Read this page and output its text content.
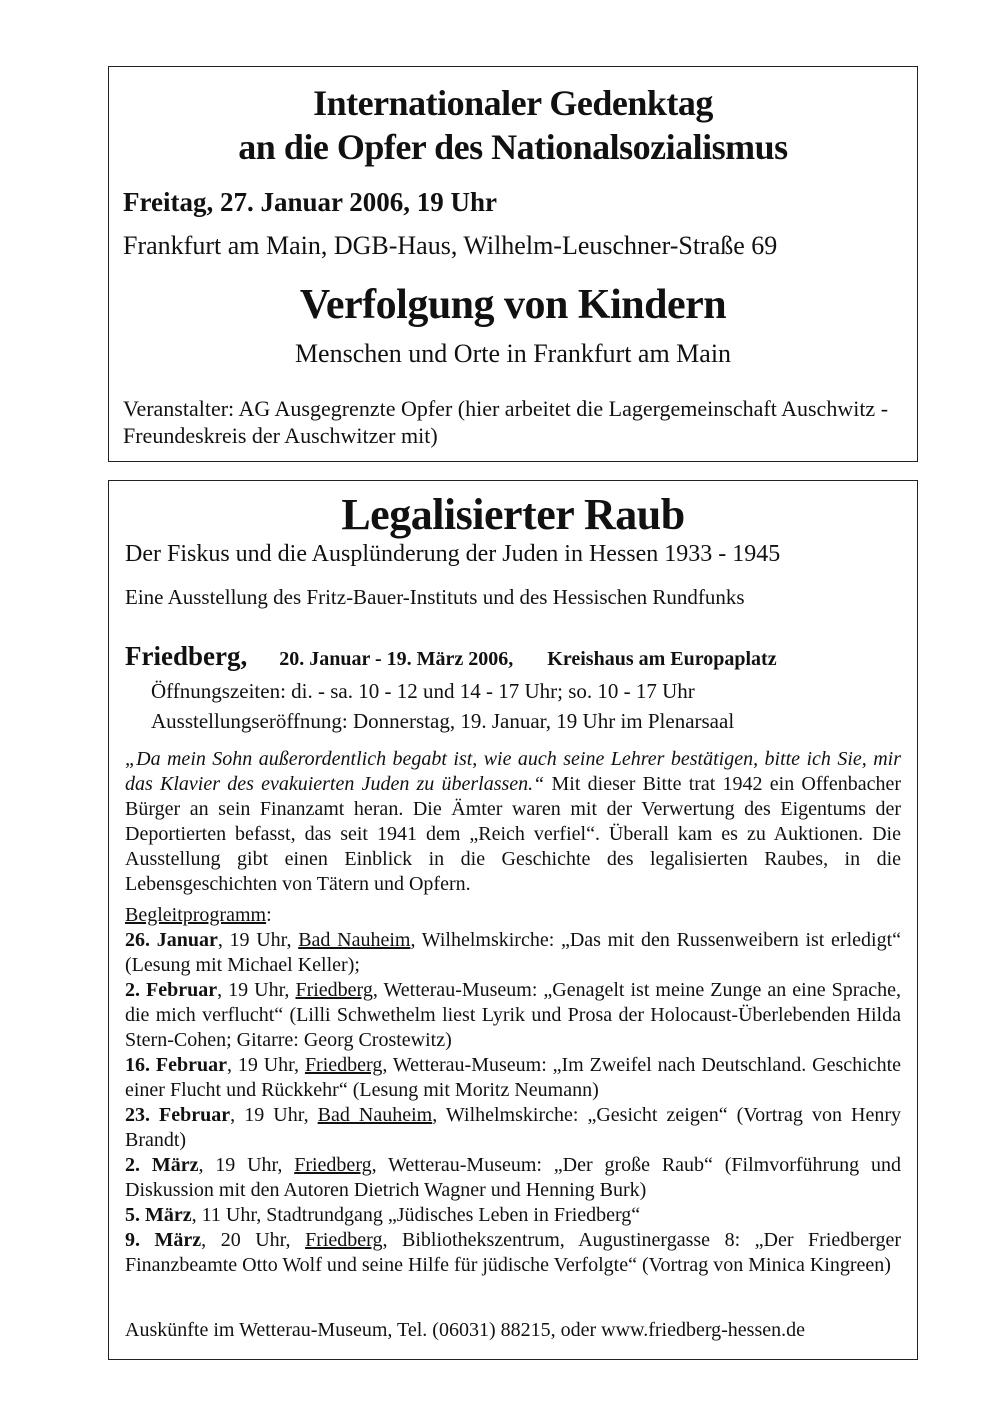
Internationaler Gedenktag
an die Opfer des Nationalsozialismus
Freitag, 27. Januar 2006, 19 Uhr
Frankfurt am Main, DGB-Haus, Wilhelm-Leuschner-Straße 69
Verfolgung von Kindern
Menschen und Orte in Frankfurt am Main
Veranstalter: AG Ausgegrenzte Opfer (hier arbeitet die Lagergemeinschaft Auschwitz - Freundeskreis der Auschwitzer mit)
Legalisierter Raub
Der Fiskus und die Ausplünderung der Juden in Hessen 1933 - 1945
Eine Ausstellung des Fritz-Bauer-Instituts und des Hessischen Rundfunks
Friedberg, 20. Januar - 19. März 2006, Kreishaus am Europaplatz
Öffnungszeiten: di. - sa. 10 - 12 und 14 - 17 Uhr; so. 10 - 17 Uhr
Ausstellungseröffnung: Donnerstag, 19. Januar, 19 Uhr im Plenarsaal
„Da mein Sohn außerordentlich begabt ist, wie auch seine Lehrer bestätigen, bitte ich Sie, mir das Klavier des evakuierten Juden zu überlassen.“ Mit dieser Bitte trat 1942 ein Offenbacher Bürger an sein Finanzamt heran. Die Ämter waren mit der Verwertung des Eigentums der Deportierten befasst, das seit 1941 dem „Reich verfiel“. Überall kam es zu Auktionen. Die Ausstellung gibt einen Einblick in die Geschichte des legalisierten Raubes, in die Lebensgeschichten von Tätern und Opfern.
Begleitprogramm:
26. Januar, 19 Uhr, Bad Nauheim, Wilhelmskirche: „Das mit den Russenweibern ist erledigt“ (Lesung mit Michael Keller);
2. Februar, 19 Uhr, Friedberg, Wetterau-Museum: „Genagelt ist meine Zunge an eine Sprache, die mich verflucht“ (Lilli Schwethelm liest Lyrik und Prosa der Holocaust-Überlebenden Hilda Stern-Cohen; Gitarre: Georg Crostewitz)
16. Februar, 19 Uhr, Friedberg, Wetterau-Museum: „Im Zweifel nach Deutschland. Geschichte einer Flucht und Rückkehr“ (Lesung mit Moritz Neumann)
23. Februar, 19 Uhr, Bad Nauheim, Wilhelmskirche: „Gesicht zeigen“ (Vortrag von Henry Brandt)
2. März, 19 Uhr, Friedberg, Wetterau-Museum: „Der große Raub“ (Filmvorführung und Diskussion mit den Autoren Dietrich Wagner und Henning Burk)
5. März, 11 Uhr, Stadtrundgang „Jüdisches Leben in Friedberg“
9. März, 20 Uhr, Friedberg, Bibliothekszentrum, Augustinergasse 8: „Der Friedberger Finanzbeamte Otto Wolf und seine Hilfe für jüdische Verfolgte“ (Vortrag von Minica Kingreen)
Auskünfte im Wetterau-Museum, Tel. (06031) 88215, oder www.friedberg-hessen.de
